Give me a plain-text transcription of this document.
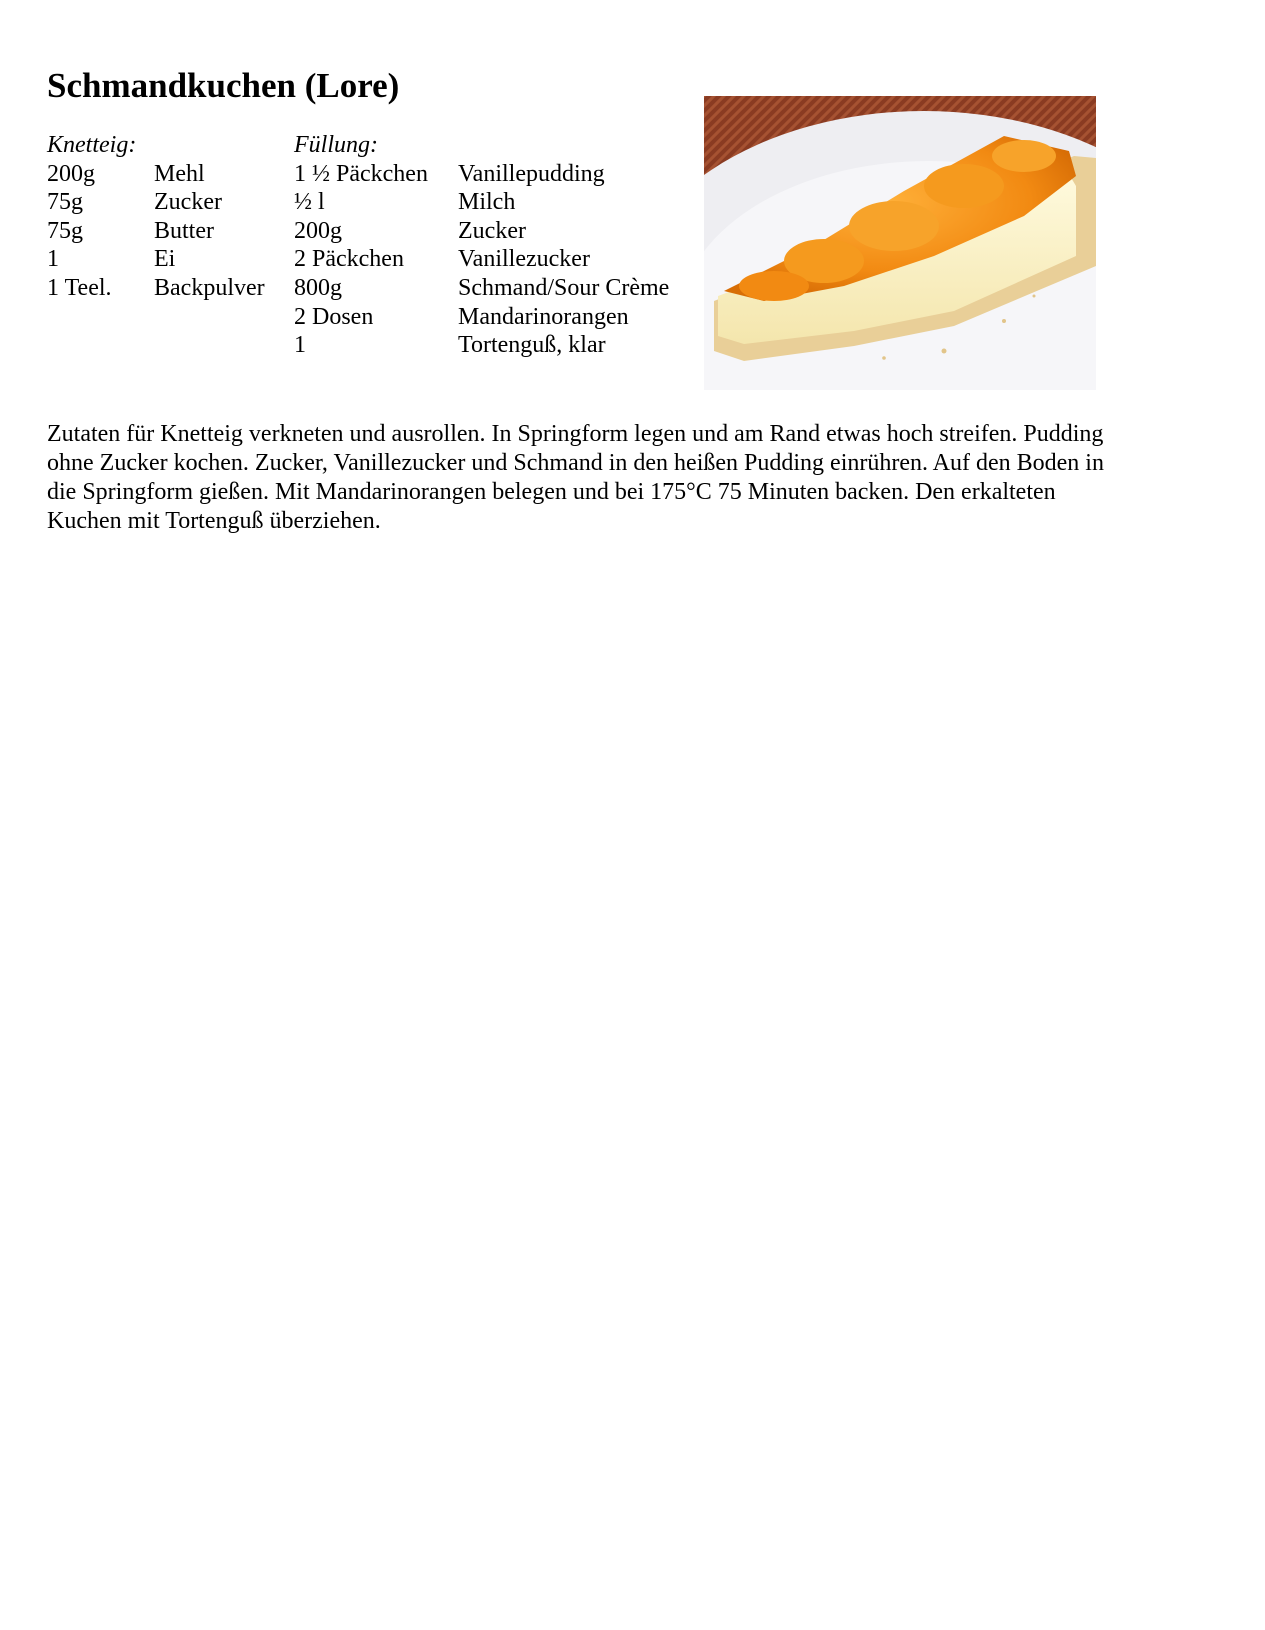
Schmandkuchen (Lore)
Knetteig:
200g
75g
75g
1
1 Teel.

Mehl
Zucker
Butter
Ei
Backpulver
Füllung:
1 ½ Päckchen
½ l
200g
2 Päckchen
800g
2 Dosen
1

Vanillepudding
Milch
Zucker
Vanillezucker
Schmand/Sour Crème
Mandarinorangen
Tortenguß, klar

Zutaten für Knetteig verkneten und ausrollen. In Springform legen und am Rand etwas hoch streifen. Pudding ohne Zucker kochen. Zucker, Vanillezucker und Schmand in den heißen Pudding einrühren. Auf den Boden in die Springform gießen. Mit Mandarinorangen belegen und bei 175°C 75 Minuten backen. Den erkalteten Kuchen mit Tortenguß überziehen.
